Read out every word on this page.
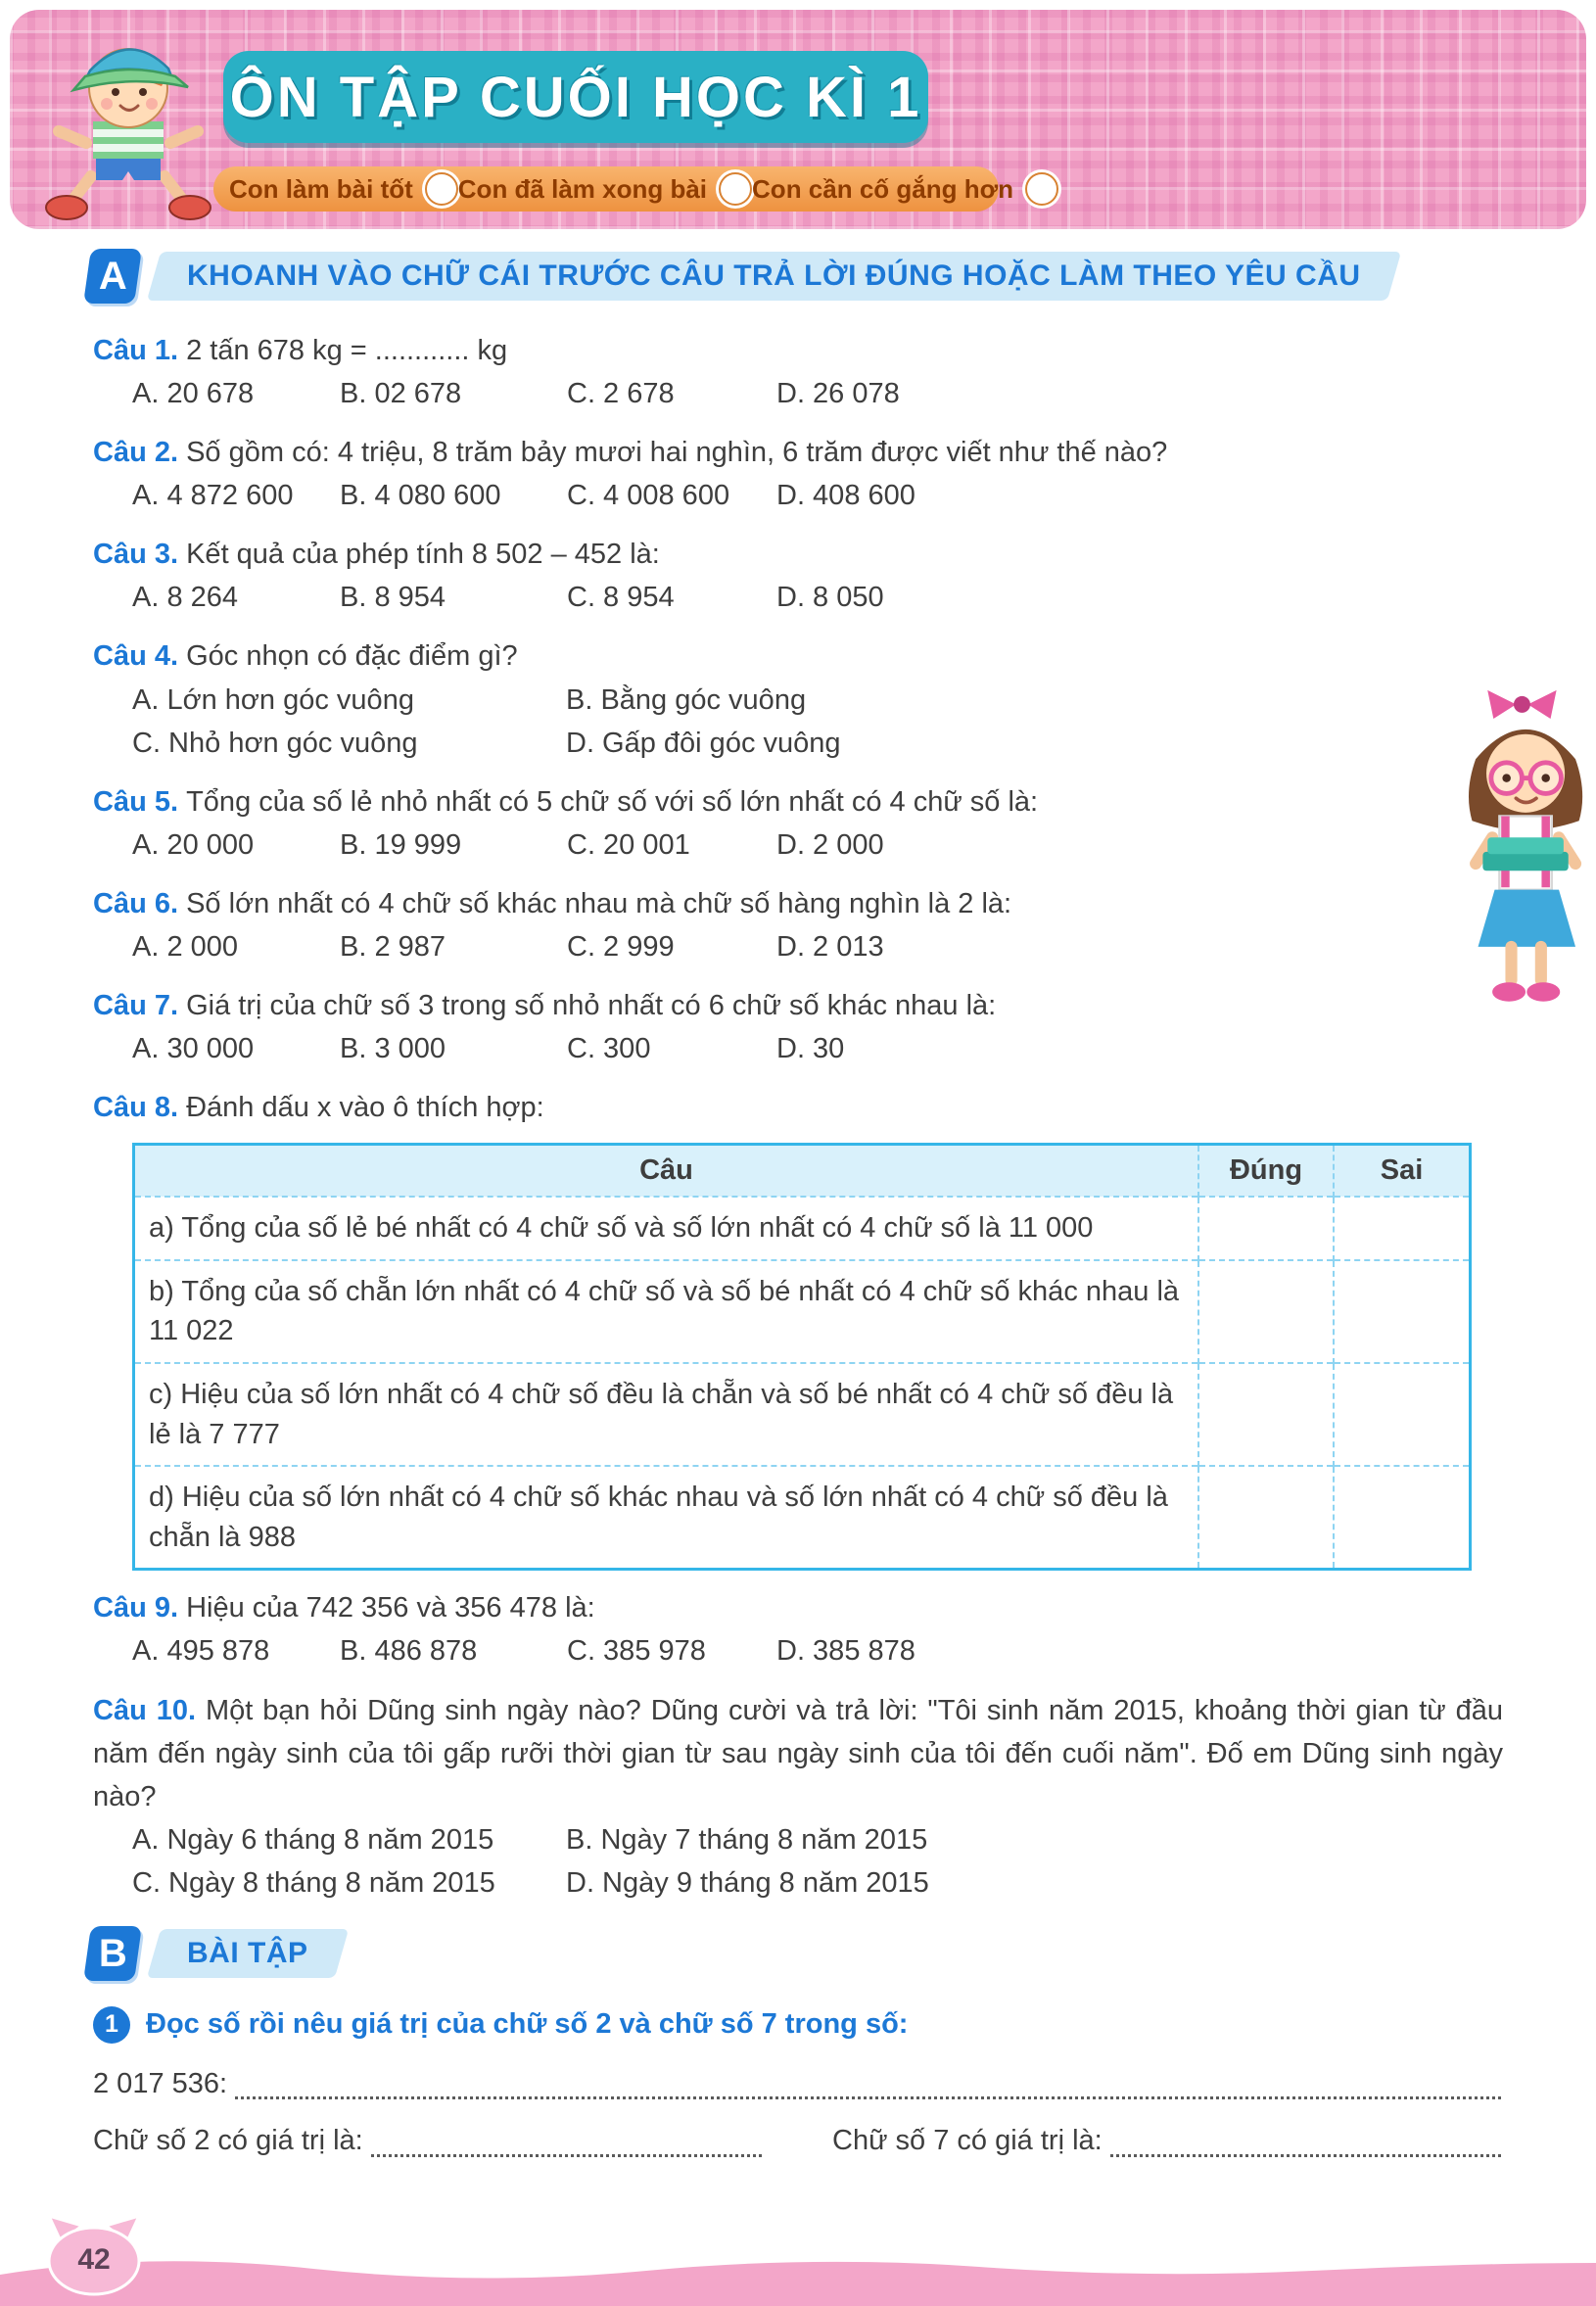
ÔN TẬP CUỐI HỌC KÌ 1
Con làm bài tốt Con đã làm xong bài Con cần cố gắng hơn
A	KHOANH VÀO CHỮ CÁI TRƯỚC CÂU TRẢ LỜI ĐÚNG HOẶC LÀM THEO YÊU CẦU

Câu 1. 2 tấn 678 kg = ............ kg

A. 20 678	B. 02 678	C. 2 678	D. 26 078

Câu 2. Số gồm có: 4 triệu, 8 trăm bảy mươi hai nghìn, 6 trăm được viết như thế nào?

A. 4 872 600	B. 4 080 600	C. 4 008 600	D. 408 600

Câu 3. Kết quả của phép tính 8 502 – 452 là:

A. 8 264	B. 8 954	C. 8 954	D. 8 050

Câu 4. Góc nhọn có đặc điểm gì?

A. Lớn hơn góc vuông	B. Bằng góc vuông
C. Nhỏ hơn góc vuông	D. Gấp đôi góc vuông

Câu 5. Tổng của số lẻ nhỏ nhất có 5 chữ số với số lớn nhất có 4 chữ số là:

A. 20 000	B. 19 999	C. 20 001	D. 2 000

Câu 6. Số lớn nhất có 4 chữ số khác nhau mà chữ số hàng nghìn là 2 là:

A. 2 000	B. 2 987	C. 2 999	D. 2 013

Câu 7. Giá trị của chữ số 3 trong số nhỏ nhất có 6 chữ số khác nhau là:

A. 30 000	B. 3 000	C. 300	D. 30

Câu 8. Đánh dấu x vào ô thích hợp:

Câu	Đúng	Sai
a) Tổng của số lẻ bé nhất có 4 chữ số và số lớn nhất có 4 chữ số là 11 000		
b) Tổng của số chẵn lớn nhất có 4 chữ số và số bé nhất có 4 chữ số khác nhau là 11 022		
c) Hiệu của số lớn nhất có 4 chữ số đều là chẵn và số bé nhất có 4 chữ số đều là lẻ là 7 777		
d) Hiệu của số lớn nhất có 4 chữ số khác nhau và số lớn nhất có 4 chữ số đều là chẵn là 988		

Câu 9. Hiệu của 742 356 và 356 478 là:

A. 495 878	B. 486 878	C. 385 978	D. 385 878

Câu 10. Một bạn hỏi Dũng sinh ngày nào? Dũng cười và trả lời: "Tôi sinh năm 2015, khoảng thời gian từ đầu năm đến ngày sinh của tôi gấp rưỡi thời gian từ sau ngày sinh của tôi đến cuối năm". Đố em Dũng sinh ngày nào?

A. Ngày 6 tháng 8 năm 2015	B. Ngày 7 tháng 8 năm 2015
C. Ngày 8 tháng 8 năm 2015	D. Ngày 9 tháng 8 năm 2015
B	BÀI TẬP
1 Đọc số rồi nêu giá trị của chữ số 2 và chữ số 7 trong số:
2 017 536:
Chữ số 2 có giá trị là:	Chữ số 7 có giá trị là:
42
